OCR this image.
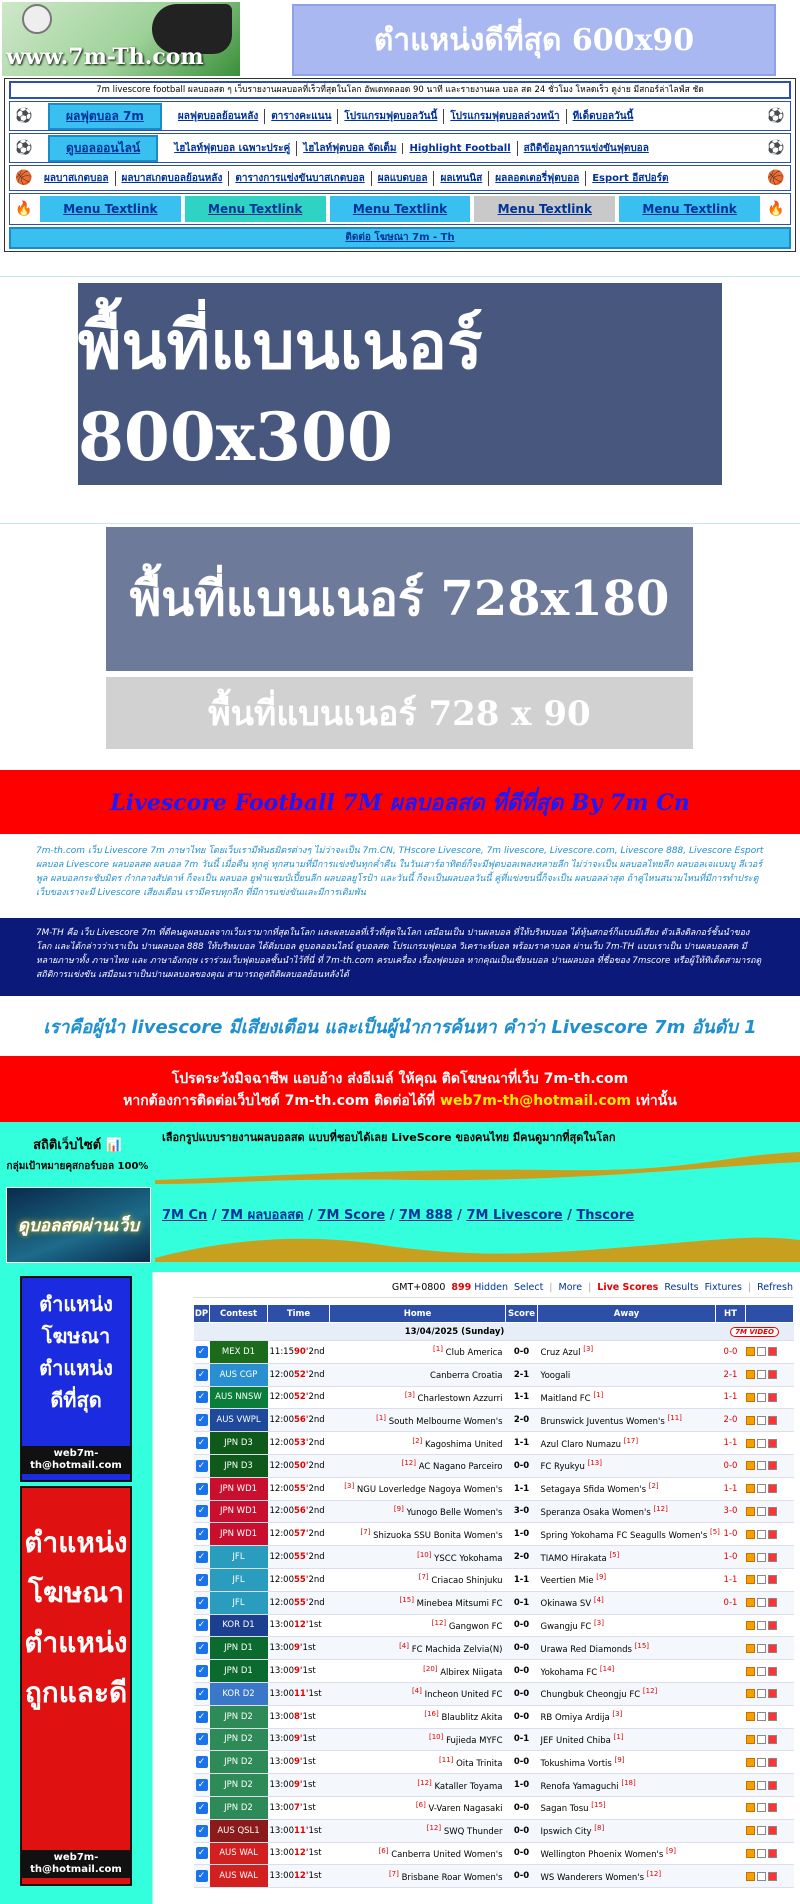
www.7m-Th.com	ตำแหน่งดีที่สุด 600x90
7m livescore football ผลบอลสด ๆ เว็บรายงานผลบอลที่เร็วที่สุดในโลก อัพเดทตลอด 90 นาที และรายงานผล บอล สด 24 ชั่วโมง โหลดเร็ว ดูง่าย มีสกอร์ล่าไลฟ์ส ชัด
⚽	ผลฟุตบอล 7m	ผลฟุตบอลย้อนหลัง	ตารางคะแนน	โปรแกรมฟุตบอลวันนี้	โปรแกรมฟุตบอลล่วงหน้า	ทีเด็ดบอลวันนี้	⚽
⚽	ดูบอลออนไลน์	ไฮไลท์ฟุตบอล เฉพาะประคู่	ไฮไลท์ฟุตบอล จัดเต็ม	Highlight Football	สถิติข้อมูลการแข่งขันฟุตบอล	⚽
🏀	ผลบาสเกตบอล	ผลบาสเกตบอลย้อนหลัง	ตารางการแข่งขันบาสเกตบอล	ผลแบดบอล	ผลเทนนิส	ผลลอตเตอรี่ฟุตบอล	Esport อีสปอร์ต	🏀
🔥	Menu Textlink	Menu Textlink	Menu Textlink	Menu Textlink	Menu Textlink	🔥
ติดต่อ โฆษณา 7m - Th
พื้นที่แบนเนอร์ 800x300
พื้นที่แบนเนอร์ 728x180
พื้นที่แบนเนอร์ 728 x 90
Livescore Football 7M ผลบอลสด ที่ดีที่สุด By 7m Cn
7m-th.com เว็บ Livescore 7m ภาษาไทย โดยเว็บเรามีพันธมิตรต่างๆ ไม่ว่าจะเป็น 7m.CN, THscore Livescore, 7m livescore, Livescore.com, Livescore 888, Livescore Esport ผลบอล Livescore ผลบอลสด ผลบอล 7m วันนี้ เมื่อคืน ทุกคู่ ทุกสนามที่มีการแข่งขันทุกค่ำคืน ในวันเสาร์อาทิตย์ก็จะมีฟุตบอลเพลงหลายลีก ไม่ว่าจะเป็น ผลบอลไทยลีก ผลบอลเจแบมบู ลีเวอร์พูล ผลบอลกระชับมิตร กำกลางสัปดาห์ ก็จะเป็น ผลบอล ยูฟ่าแชมป์เปี้ยนลีก ผลบอลยูโรป้า และวันนี้ ก็จะเป็นผลบอลวันนี้ คู่ที่แข่งขนนี้ก็จะเป็น ผลบอลล่าสุด ถ้าคู่ไหนสนามไหนที่มีการทำประตู เว็บของเราจะมี Livescore เสียงเตือน เรามีครบทุกลีก ที่มีการแข่งขันและมีการเดิมพัน
7M-TH คือ เว็บ Livescore 7m ที่ดีคนดูผลบอลจากเว็บเรามากที่สุดในโลก และผลบอลที่เร็วที่สุดในโลก เสมือนเป็น ปานผลบอล ที่ให้บริหมบอล ได้หุ้นสกอร์ก็แบบมีเสียง ตัวเลิงดิลกอร์ชั้นนำของโลก และได้กล่าวว่าเราเป็น ปานผลบอล 888 ให้บริหมบอล ได้ดิ่มบอล ดูบอลออนไลน์ ดูบอลสด โปรแกรมฟุตบอล วิเคราะห์บอล พร้อมราคาบอล ผ่านเว็บ 7m-TH แบบเราเป็น ปานผลบอลสด มีหลายภาษาทั้ง ภาษาไทย และ ภาษาอังกฤษ เราร่วมเว็บฟุตบอลชั้นนำไว้ที่นี่ ที่ 7m-th.com ครบเครื่อง เรื่องฟุตบอล หากคุณเป็นเซียนบอล ปานผลบอล ที่ชื่อของ 7mscore หรือผู้ให้ทิเด็ดสามารถดูสถิติการแข่งขัน เสมือนเราเป็นปานผลบอลของคุณ สามารถดูสถิติผลบอลย้อนหลังได้
เราคือผู้นำ livescore มีเสียงเตือน และเป็นผู้นำการค้นหา คำว่า Livescore 7m อันดับ 1
โปรดระวังมิจฉาชีพ แอบอ้าง ส่งอีเมล์ ให้คุณ ติดโฆษณาที่เว็บ 7m-th.com
หากต้องการติดต่อเว็บไซต์ 7m-th.com ติดต่อได้ที่ web7m-th@hotmail.com เท่านั้น
สถิติเว็บไซต์ 📊
กลุ่มเป้าหมายคุสกอร์บอล 100%
ดูบอลสดผ่านเว็บ
เลือกรูปแบบรายงานผลบอลสด แบบที่ชอบได้เลย LiveScore ของคนไทย มีคนดูมากที่สุดในโลก
7M Cn / 7M ผลบอลสด / 7M Score / 7M 888 / 7M Livescore / Thscore
ตำแหน่ง
โฆษณา
ตำแหน่ง
ดีที่สุด
web7m-th@hotmail.com
ตำแหน่ง
โฆษณา
ตำแหน่ง
ถูกและดี
web7m-th@hotmail.com
GMT+0800 899 Hidden Select | More | Live Scores Results Fixtures | Refresh
DP	Contest	Time	Home	Score	Away	HT	
13/04/2025 (Sunday)						7M VIDEO	
✓	MEX D1	11:1590'2nd	[1] Club America	0-0	Cruz Azul [3]	0-0	

✓	AUS CGP	12:0052'2nd	Canberra Croatia	2-1	Yoogali	2-1	

✓	AUS NNSW	12:0052'2nd	[3] Charlestown Azzurri	1-1	Maitland FC [1]	1-1	

✓	AUS VWPL	12:0056'2nd	[1] South Melbourne Women's	2-0	Brunswick Juventus Women's [11]	2-0	

✓	JPN D3	12:0053'2nd	[2] Kagoshima United	1-1	Azul Claro Numazu [17]	1-1	

✓	JPN D3	12:0050'2nd	[12] AC Nagano Parceiro	0-0	FC Ryukyu [13]	0-0	

✓	JPN WD1	12:0055'2nd	[3] NGU Loverledge Nagoya Women's	1-1	Setagaya Sfida Women's [2]	1-1	

✓	JPN WD1	12:0056'2nd	[9] Yunogo Belle Women's	3-0	Speranza Osaka Women's [12]	3-0	

✓	JPN WD1	12:0057'2nd	[7] Shizuoka SSU Bonita Women's	1-0	Spring Yokohama FC Seagulls Women's [5]	1-0	

✓	JFL	12:0055'2nd	[10] YSCC Yokohama	2-0	TIAMO Hirakata [5]	1-0	

✓	JFL	12:0055'2nd	[7] Criacao Shinjuku	1-1	Veertien Mie [9]	1-1	

✓	JFL	12:0055'2nd	[15] Minebea Mitsumi FC	0-1	Okinawa SV [4]	0-1	

✓	KOR D1	13:0012'1st	[12] Gangwon FC	0-0	Gwangju FC [3]		

✓	JPN D1	13:009'1st	[4] FC Machida Zelvia(N)	0-0	Urawa Red Diamonds [15]		

✓	JPN D1	13:009'1st	[20] Albirex Niigata	0-0	Yokohama FC [14]		

✓	KOR D2	13:0011'1st	[4] Incheon United FC	0-0	Chungbuk Cheongju FC [12]		

✓	JPN D2	13:008'1st	[16] Blaublitz Akita	0-0	RB Omiya Ardija [3]		

✓	JPN D2	13:009'1st	[10] Fujieda MYFC	0-1	JEF United Chiba [1]		

✓	JPN D2	13:009'1st	[11] Oita Trinita	0-0	Tokushima Vortis [9]		

✓	JPN D2	13:009'1st	[12] Kataller Toyama	1-0	Renofa Yamaguchi [18]		

✓	JPN D2	13:007'1st	[6] V-Varen Nagasaki	0-0	Sagan Tosu [15]		

✓	AUS QSL1	13:0011'1st	[12] SWQ Thunder	0-0	Ipswich City [8]		

✓	AUS WAL	13:0012'1st	[6] Canberra United Women's	0-0	Wellington Phoenix Women's [9]		

✓	AUS WAL	13:0012'1st	[7] Brisbane Roar Women's	0-0	WS Wanderers Women's [12]		
